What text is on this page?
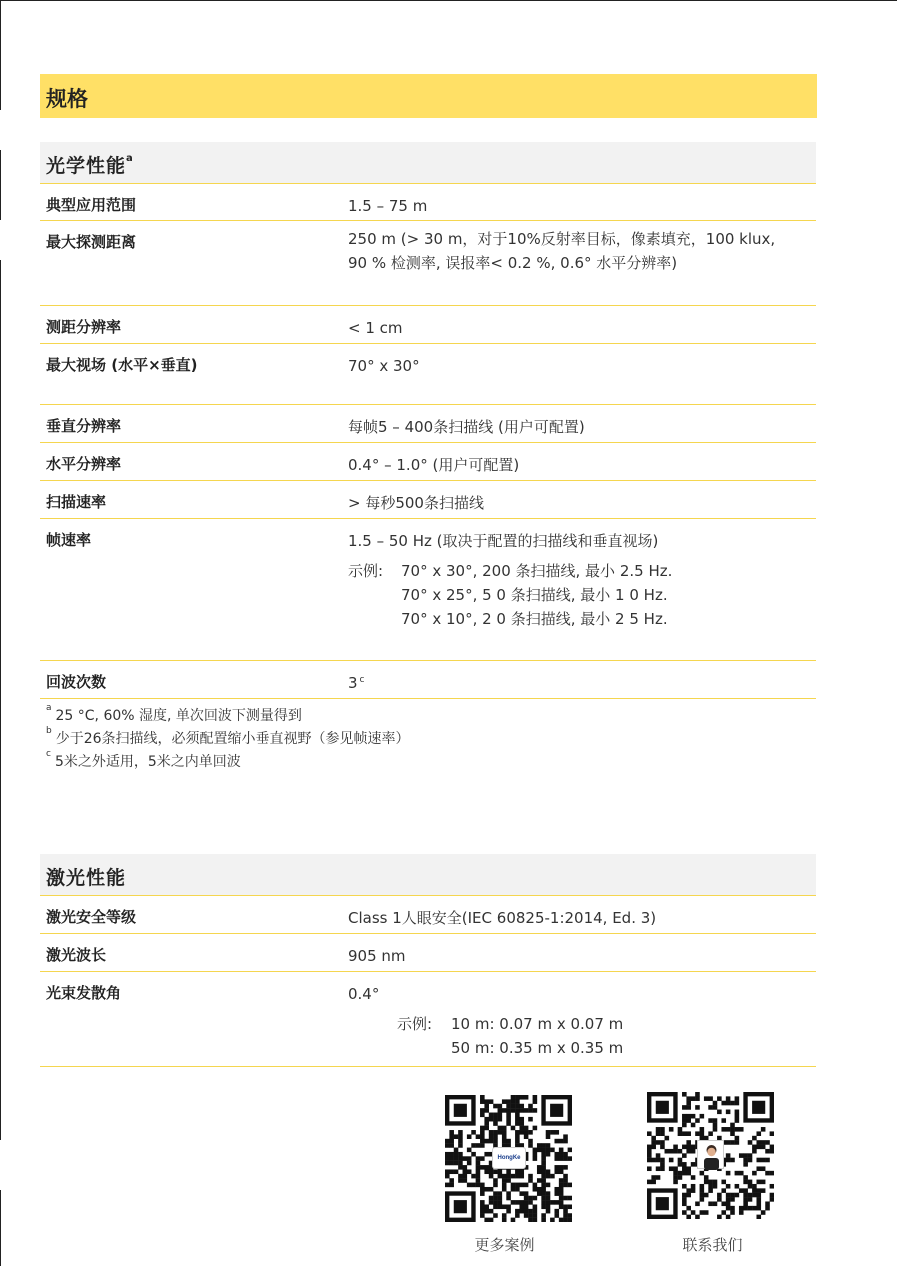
规格
光学性能$^a$
典型应用范围	1.5 – 75 m
最大探测距离	250 m (> 30 m，对于10%反射率目标，像素填充，100 klux,
90 % 检测率, 误报率< 0.2 %, 0.6° 水平分辨率)
测距分辨率	< 1 cm
最大视场 (水平×垂直)	70° x 30°
垂直分辨率	每帧5 – 400条扫描线 (用户可配置)
水平分辨率	0.4° – 1.0° (用户可配置)
扫描速率	> 每秒500条扫描线
帧速率	1.5 – 50 Hz (取决于配置的扫描线和垂直视场)
示例: 70° x 30°, 200 条扫描线, 最小 2.5 Hz.
70° x 25°, 5 0 条扫描线, 最小 1 0 Hz.
70° x 10°, 2 0 条扫描线, 最小 2 5 Hz.
回波次数	3 $^c$
$^a$ 25 °C, 60% 湿度, 单次回波下测量得到
$^b$ 少于26条扫描线，必须配置缩小垂直视野（参见帧速率）
$^c$ 5米之外适用，5米之内单回波
激光性能
激光安全等级	Class 1人眼安全(IEC 60825-1:2014, Ed. 3)
激光波长	905 nm
光束发散角	0.4°
示例: 10 m: 0.07 m x 0.07 m
50 m: 0.35 m x 0.35 m
HongKe
更多案例	联系我们
